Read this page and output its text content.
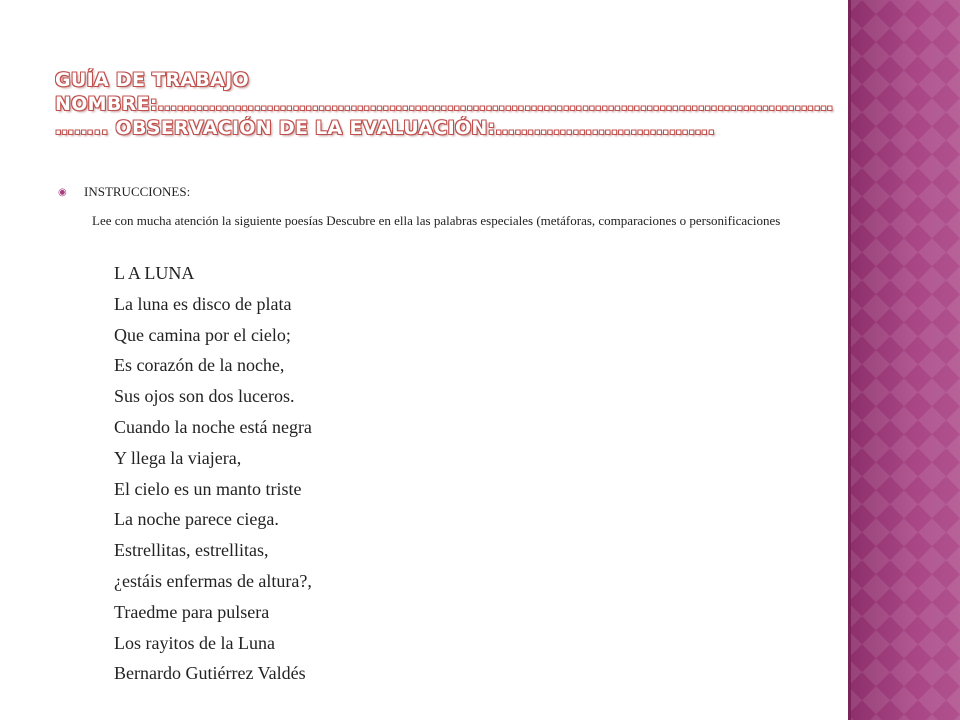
GUÍA DE TRABAJO
NOMBRE:……………………………………………………………………………………………
…….. OBSERVACIÓN DE LA EVALUACIÓN:…………………………….
◉ INSTRUCCIONES:
Lee con mucha atención la siguiente poesías Descubre en ella las palabras especiales (metáforas, comparaciones o personificaciones
L A LUNA
La luna es disco de plata
Que camina por el cielo;
Es corazón de la noche,
Sus ojos son dos luceros.
Cuando la noche está negra
Y llega la viajera,
El cielo es un manto triste
La noche parece ciega.
Estrellitas, estrellitas,
¿estáis enfermas de altura?,
Traedme para pulsera
Los rayitos de la Luna
Bernardo Gutiérrez Valdés
